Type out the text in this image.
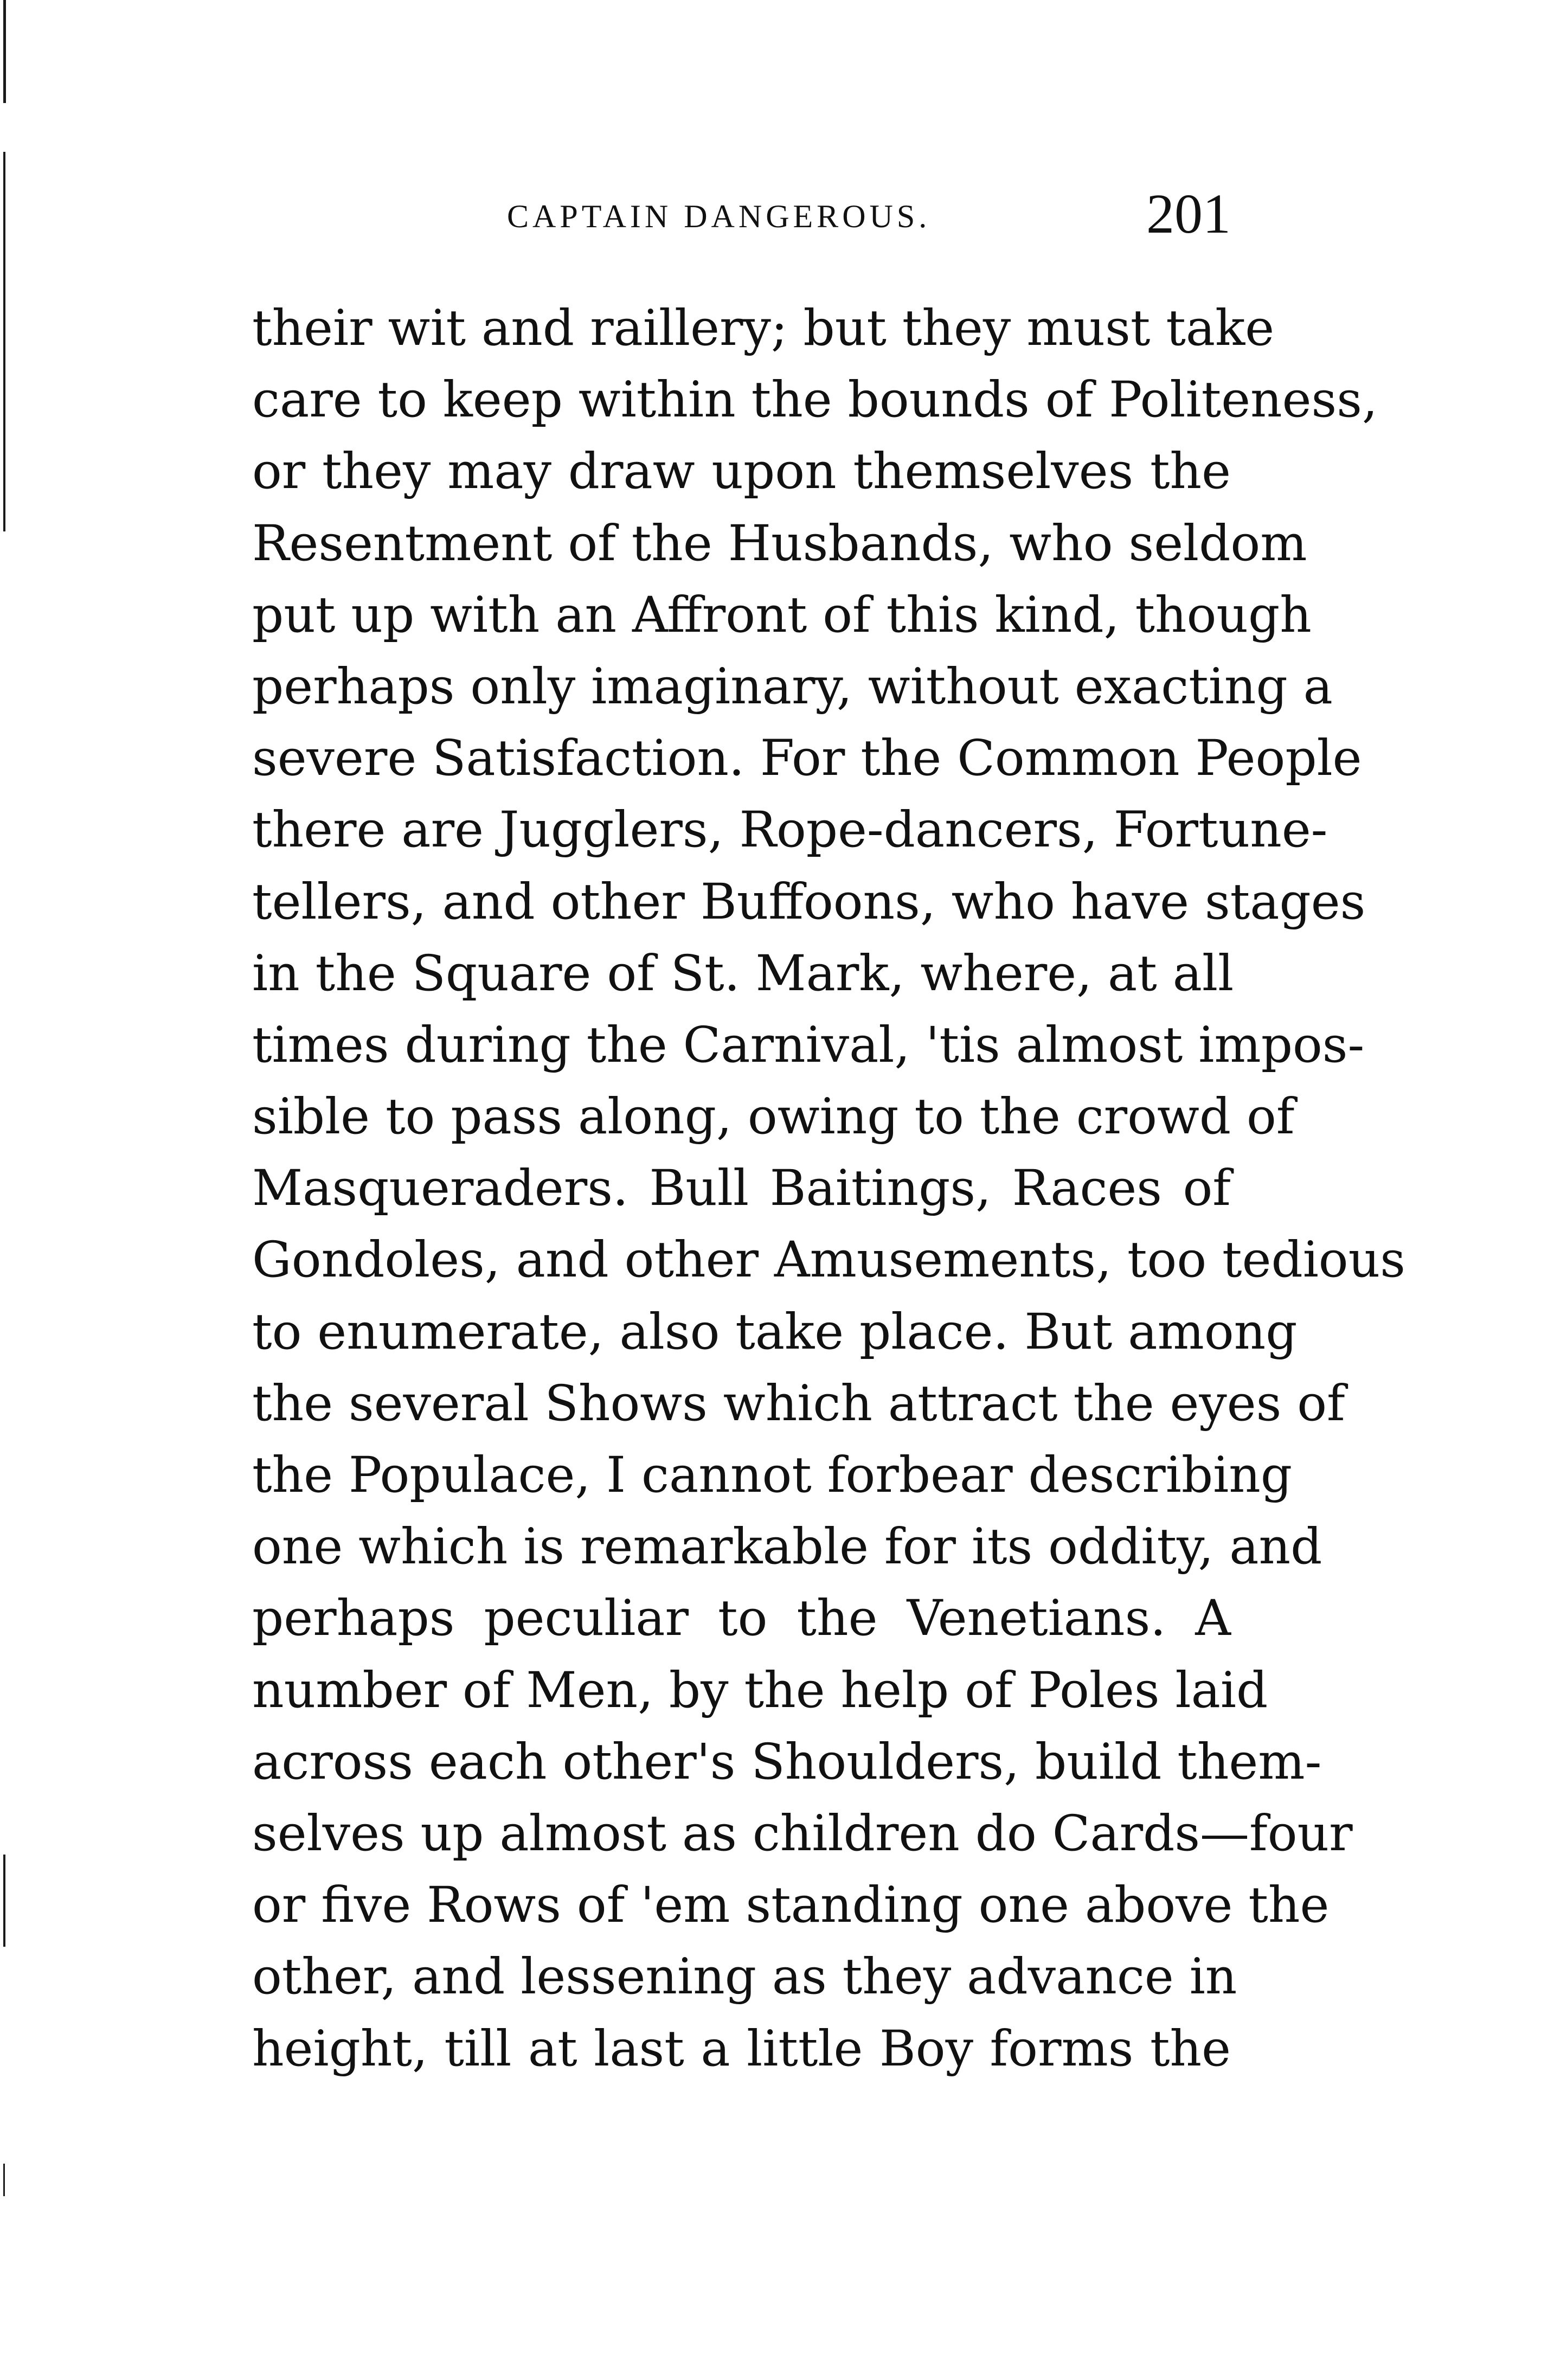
CAPTAIN DANGEROUS.	201
their wit and raillery; but they must take
care to keep within the bounds of Politeness,
or they may draw upon themselves the
Resentment of the Husbands, who seldom
put up with an Affront of this kind, though
perhaps only imaginary, without exacting a
severe Satisfaction. For the Common People
there are Jugglers, Rope-dancers, Fortune-
tellers, and other Buffoons, who have stages
in the Square of St. Mark, where, at all
times during the Carnival, 'tis almost impos-
sible to pass along, owing to the crowd of
Masqueraders. Bull Baitings, Races of
Gondoles, and other Amusements, too tedious
to enumerate, also take place. But among
the several Shows which attract the eyes of
the Populace, I cannot forbear describing
one which is remarkable for its oddity, and
perhaps peculiar to the Venetians. A
number of Men, by the help of Poles laid
across each other's Shoulders, build them-
selves up almost as children do Cards—four
or five Rows of 'em standing one above the
other, and lessening as they advance in
height, till at last a little Boy forms the
